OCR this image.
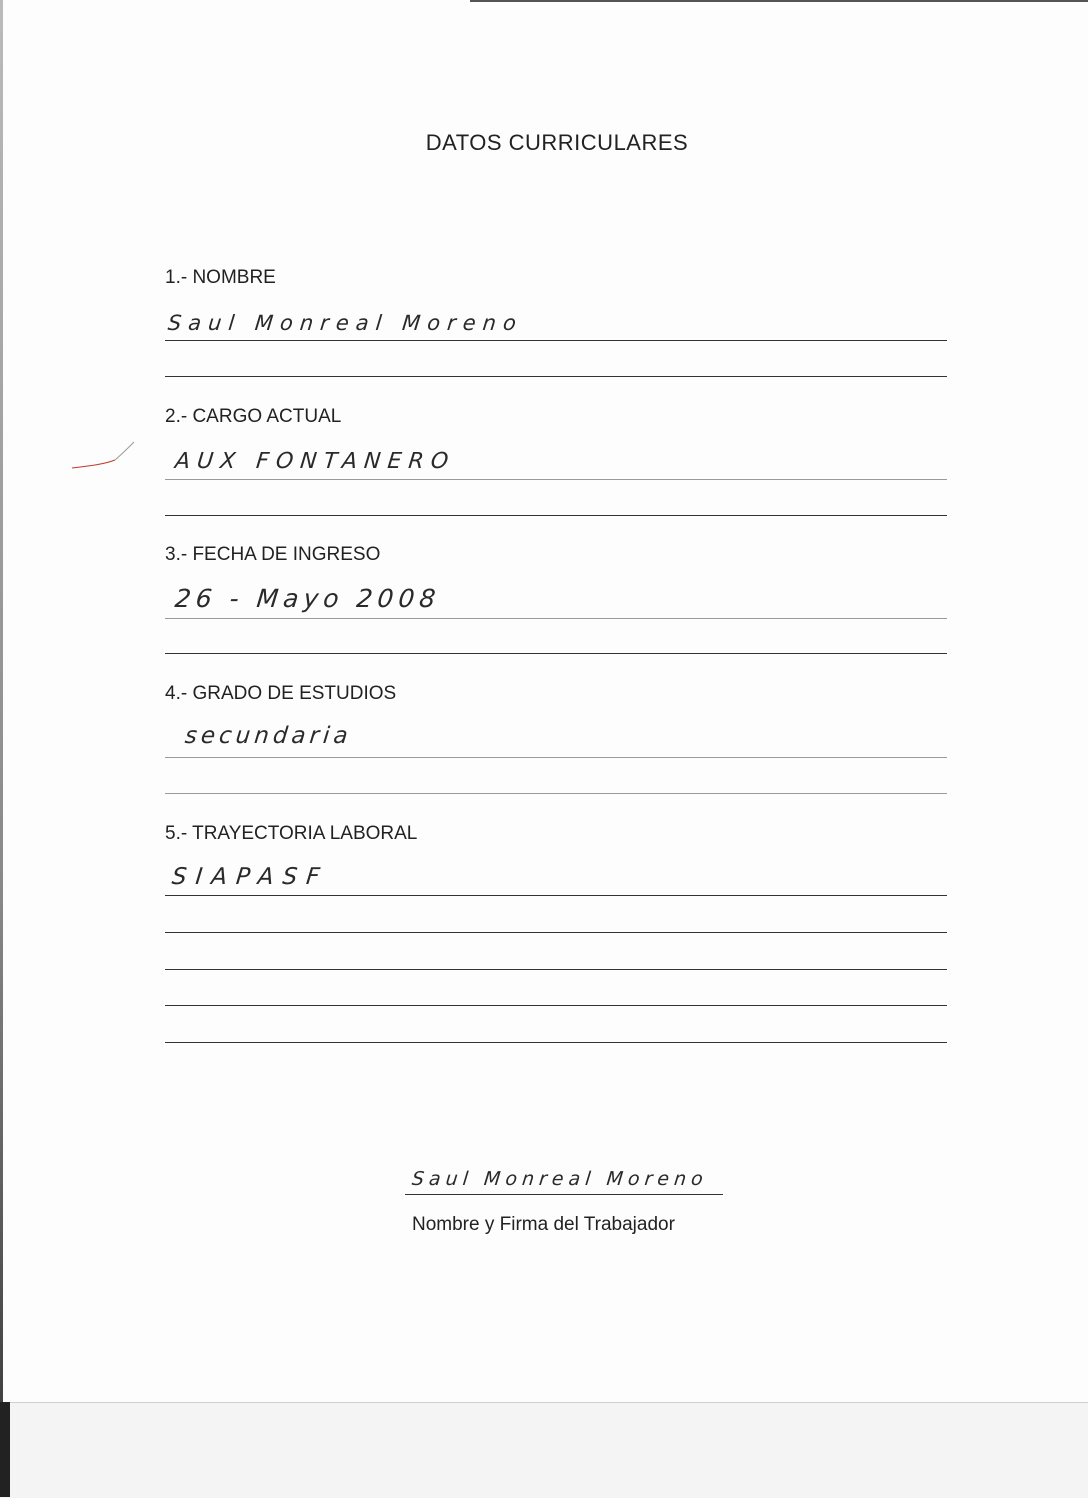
DATOS CURRICULARES
1.- NOMBRE
Saul Monreal Moreno
2.- CARGO ACTUAL
AUX FONTANERO
3.- FECHA DE INGRESO
26 - Mayo 2008
4.- GRADO DE ESTUDIOS
secundaria
5.- TRAYECTORIA LABORAL
SIAPASF
Saul Monreal Moreno
Nombre y Firma del Trabajador
